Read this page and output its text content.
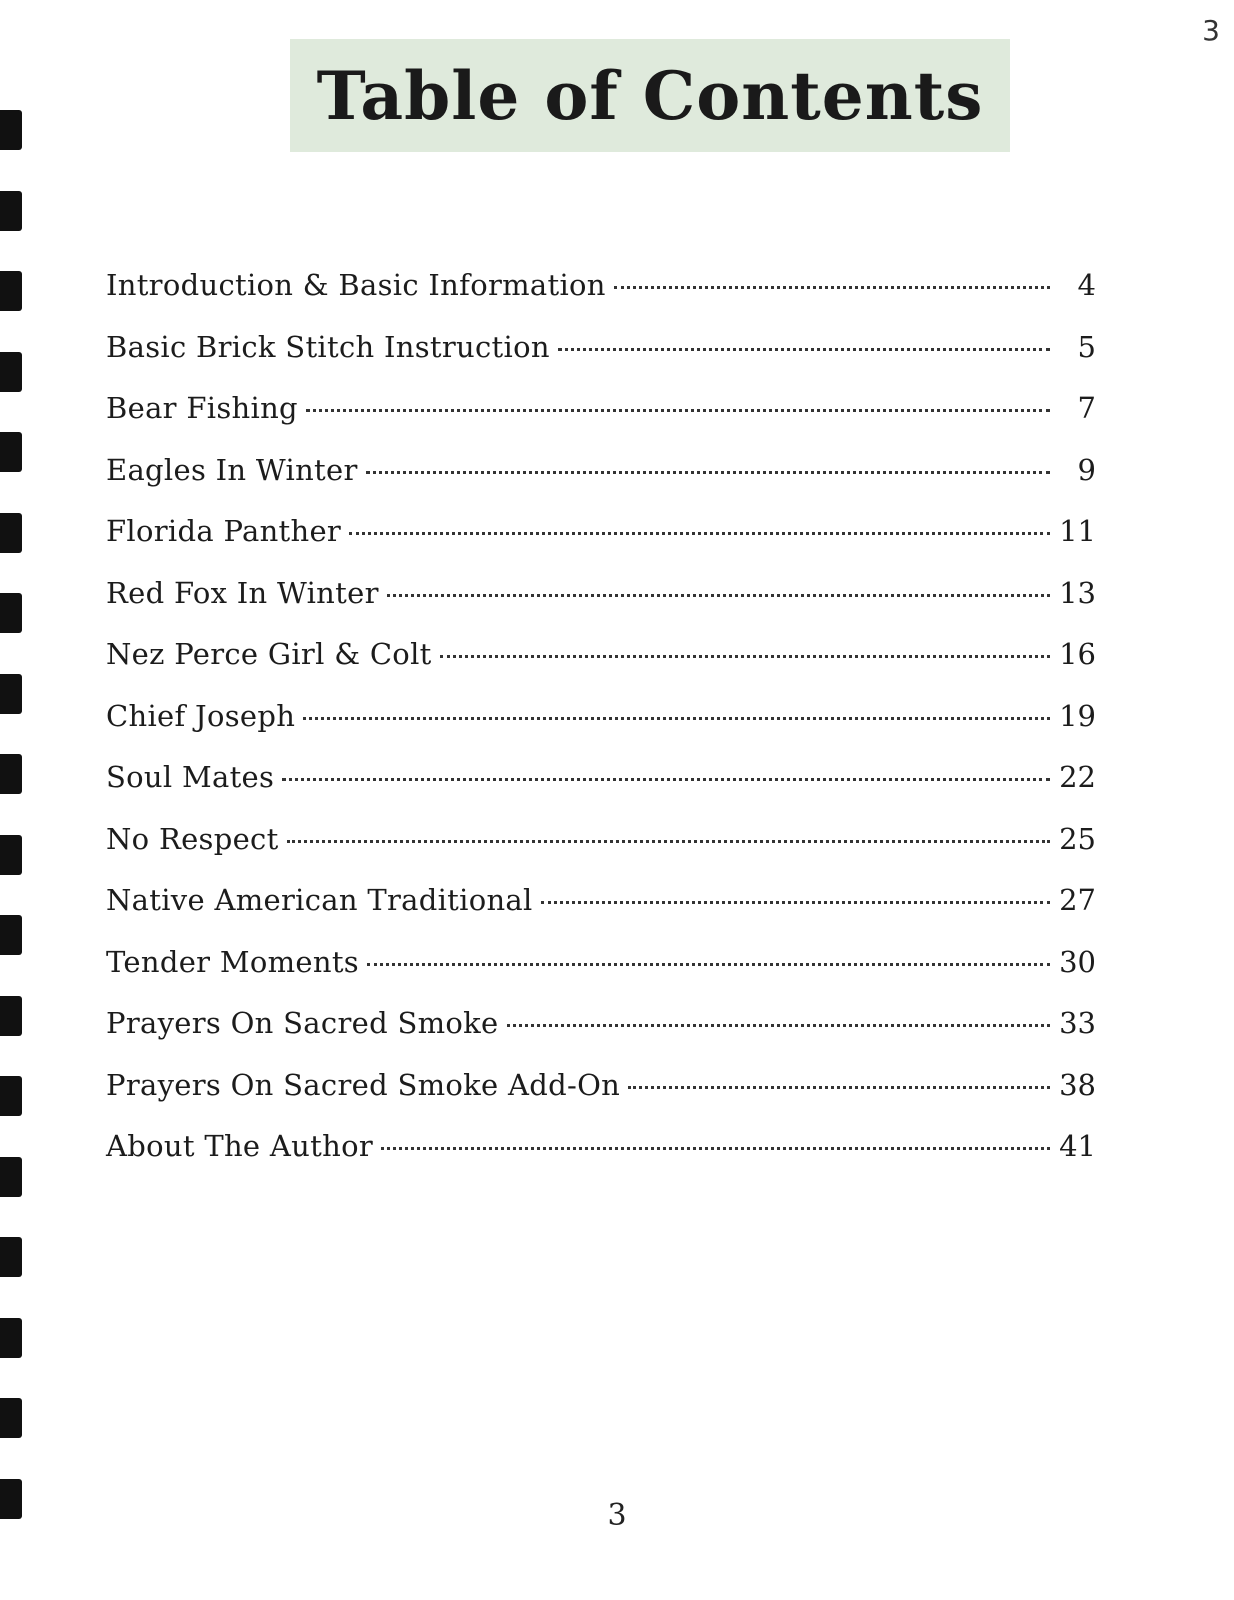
3
Table of Contents
Introduction & Basic Information	4
Basic Brick Stitch Instruction	5
Bear Fishing	7
Eagles In Winter	9
Florida Panther	11
Red Fox In Winter	13
Nez Perce Girl & Colt	16
Chief Joseph	19
Soul Mates	22
No Respect	25
Native American Traditional	27
Tender Moments	30
Prayers On Sacred Smoke	33
Prayers On Sacred Smoke Add-On	38
About The Author	41
3
